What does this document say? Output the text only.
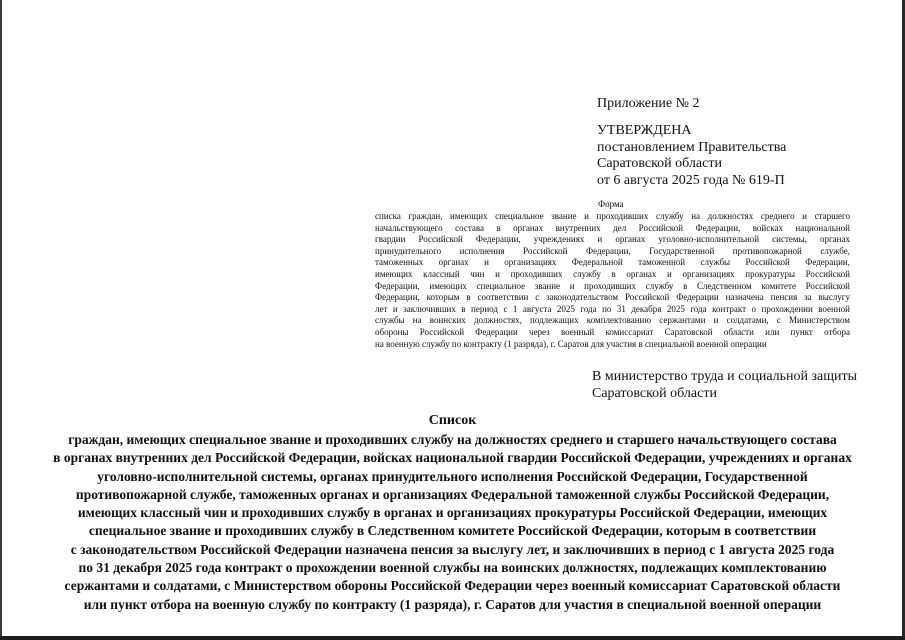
Приложение № 2
УТВЕРЖДЕНА
постановлением Правительства
Саратовской области
от 6 августа 2025 года № 619-П
Форма
списка граждан, имеющих специальное звание и проходивших службу на должностях среднего и старшего
начальствующего состава в органах внутренних дел Российской Федерации, войсках национальной
гвардии Российской Федерации, учреждениях и органах уголовно-исполнительной системы, органах
принудительного исполнения Российской Федерации, Государственной противопожарной службе,
таможенных органах и организациях Федеральной таможенной службы Российской Федерации,
имеющих классный чин и проходивших службу в органах и организациях прокуратуры Российской
Федерации, имеющих специальное звание и проходивших службу в Следственном комитете Российской
Федерации, которым в соответствии с законодательством Российской Федерации назначена пенсия за выслугу
лет и заключивших в период с 1 августа 2025 года по 31 декабря 2025 года контракт о прохождении военной
службы на воинских должностях, подлежащих комплектованию сержантами и солдатами, с Министерством
обороны Российской Федерации через военный комиссариат Саратовской области или пункт отбора
на военную службу по контракту (1 разряда), г. Саратов для участия в специальной военной операции
В министерство труда и социальной защиты
Саратовской области
Список
граждан, имеющих специальное звание и проходивших службу на должностях среднего и старшего начальствующего состава
в органах внутренних дел Российской Федерации, войсках национальной гвардии Российской Федерации, учреждениях и органах
уголовно-исполнительной системы, органах принудительного исполнения Российской Федерации, Государственной
противопожарной службе, таможенных органах и организациях Федеральной таможенной службы Российской Федерации,
имеющих классный чин и проходивших службу в органах и организациях прокуратуры Российской Федерации, имеющих
специальное звание и проходивших службу в Следственном комитете Российской Федерации, которым в соответствии
с законодательством Российской Федерации назначена пенсия за выслугу лет, и заключивших в период с 1 августа 2025 года
по 31 декабря 2025 года контракт о прохождении военной службы на воинских должностях, подлежащих комплектованию
сержантами и солдатами, с Министерством обороны Российской Федерации через военный комиссариат Саратовской области
или пункт отбора на военную службу по контракту (1 разряда), г. Саратов для участия в специальной военной операции
